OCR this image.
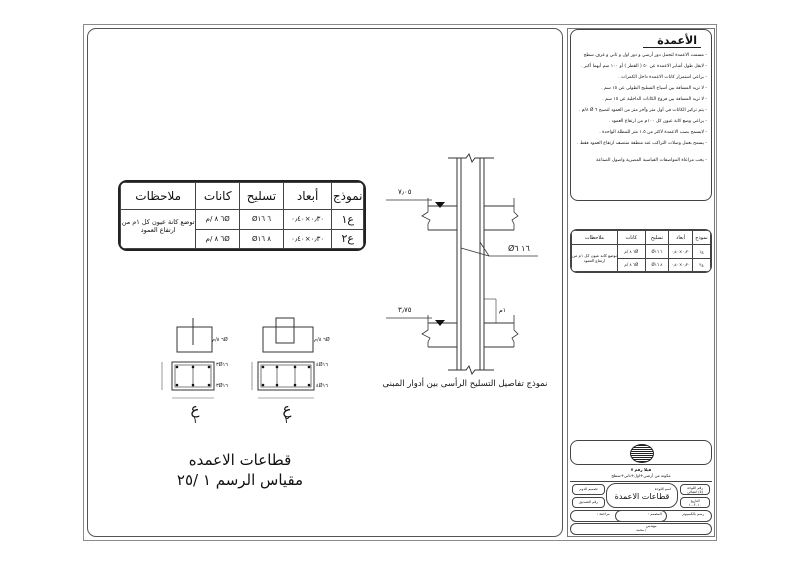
الأعمدة
- مسمت الاعمدة لتحمل دور أرضي و دور اول و ثاني و غرف سطح
- لايقل طول أشاير الاعمدة عن ٥٠ ( القطر ) أو ١٠٠ سم أيهما أكبر .
- يراعي استمرار كانات الاعمدة داخل الكمرات .
- لا تزيد المسافة بين أسياخ التسليح الطولى عن ١٥ سم .
- لا تزيد المسافة بين فروع الكانات الداخلية عن ١٥ سم .
- يتم تركيز الكانات في أول متر وآخر متر من العمود لتصبح ٦ Ø ٨/م .
- يراعي وضع كانة عيون كل ١٠٠م من ارتفاع العمود .
- لايسمح بصب الاعمدة لاكثر من ١.٥ متر للمطلة الواحدة .
- يسمح بعمل وصلات التراكب عند منطقة منتصف ارتفاع العمود فقط .
- يجب مراعاة المواصفات القياسية المصرية واصول الصناعة
نموذج	أبعاد	تسليح	كانات	ملاحظات
ع١	٠٫٣٠×٠٫٤٠	٦ Ø١٦	٦Ø ٨ /م	توضع كانة عيون كل ١م من ارتفاع العمود
ع٢	٠٫٣٠×٠٫٤٠	٨ Ø١٦	٦Ø ٨ /م	
نموذج	أبعاد	تسليح	كانات	ملاحظات
ع١	٠٫٣٠×٠٫٤٠	٦ Ø١٦	٦Ø ٨ /م	توضع كانة عيون كل ١م من ارتفاع العمود
ع٢	٠٫٣٠×٠٫٤٠	٨ Ø١٦	٦Ø ٨ /م	
٦Ø ٨/م
٣Ø١٦
٣Ø١٦
ع
١
٦Ø ٨/م
٤Ø١٦
٤Ø١٦
ع
٢
قطاعات الاعمده
مقياس الرسم ١ /٢٥
٧٫٠٥
٣٫٧٥
١٦ Ø٦
١م
نموذج تفاصيل التسليح الرأسى بين أدوار المبنى
فيلا رقم ٧
مكونة من أرضي+اول+ثاني+سطح
تصميم الدوم
رقم التصديق
اسم اللوحة
قطاعات الاعمدة
رقم اللوحة
(٥) انشائي
التاريخ
٢٠١٠-١٠
رسم بالكمبيوتر
المصمم :
مراجعة :
مهندس
/ محمد
